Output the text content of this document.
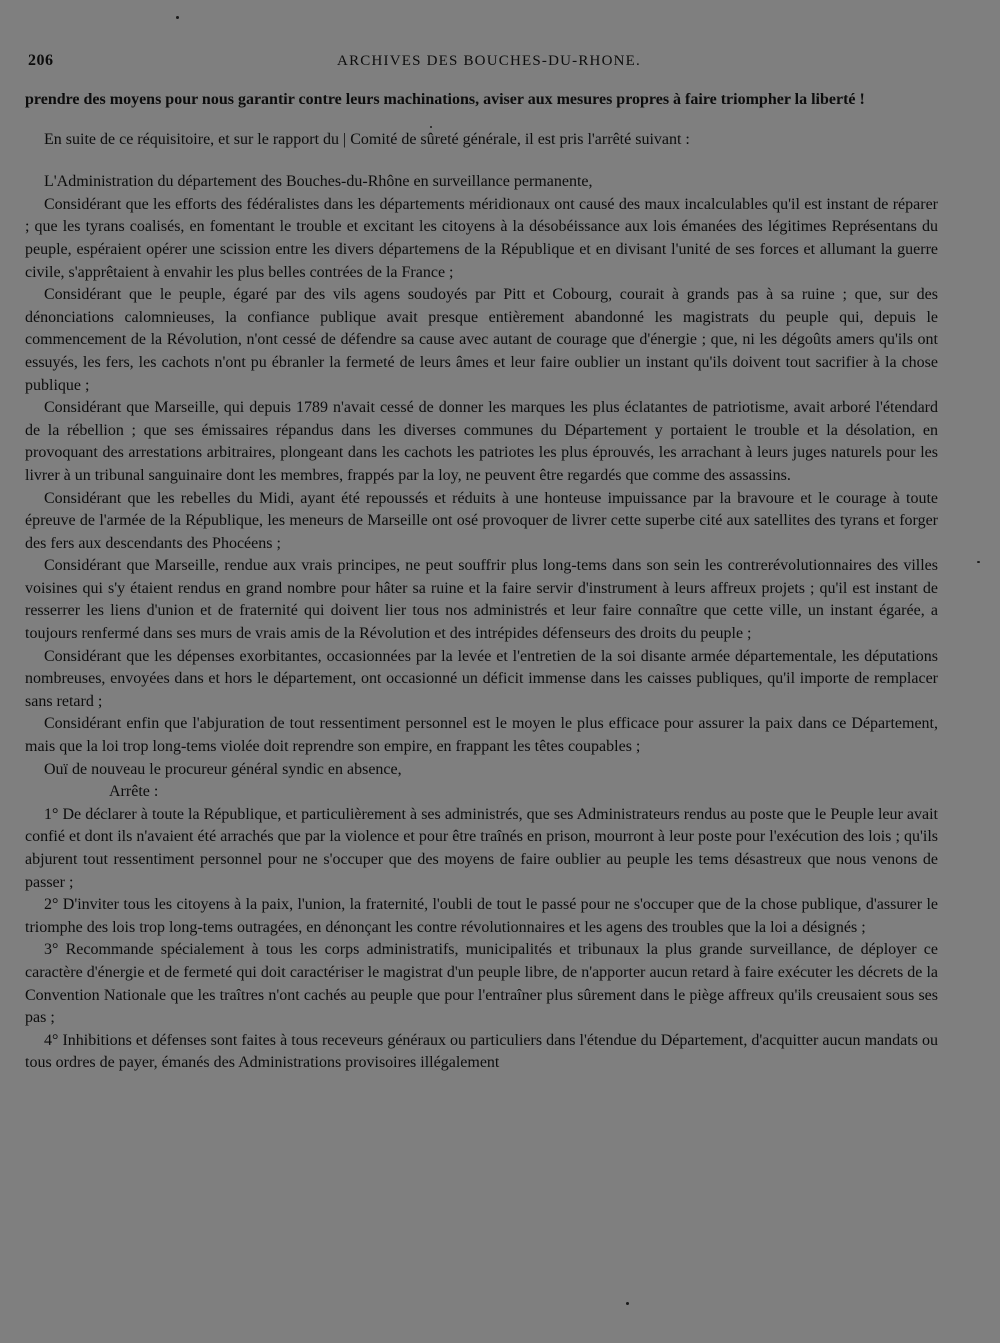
206	ARCHIVES DES BOUCHES-DU-RHONE.

prendre des moyens pour nous garantir contre leurs machinations, aviser aux mesures propres à faire triompher la liberté !

En suite de ce réquisitoire, et sur le rapport du | Comité de sûreté générale, il est pris l'arrêté suivant :

L'Administration du département des Bouches-du-Rhône en surveillance permanente,

Considérant que les efforts des fédéralistes dans les départements méridionaux ont causé des maux incalculables qu'il est instant de réparer ; que les tyrans coalisés, en fomentant le trouble et excitant les citoyens à la désobéissance aux lois émanées des légitimes Représentans du peuple, espéraient opérer une scission entre les divers départemens de la République et en divisant l'unité de ses forces et allumant la guerre civile, s'apprêtaient à envahir les plus belles contrées de la France ;

Considérant que le peuple, égaré par des vils agens soudoyés par Pitt et Cobourg, courait à grands pas à sa ruine ; que, sur des dénonciations calomnieuses, la confiance publique avait presque entièrement abandonné les magistrats du peuple qui, depuis le commencement de la Révolution, n'ont cessé de défendre sa cause avec autant de courage que d'énergie ; que, ni les dégoûts amers qu'ils ont essuyés, les fers, les cachots n'ont pu ébranler la fermeté de leurs âmes et leur faire oublier un instant qu'ils doivent tout sacrifier à la chose publique ;

Considérant que Marseille, qui depuis 1789 n'avait cessé de donner les marques les plus éclatantes de patriotisme, avait arboré l'étendard de la rébellion ; que ses émissaires répandus dans les diverses communes du Département y portaient le trouble et la désolation, en provoquant des arrestations arbitraires, plongeant dans les cachots les patriotes les plus éprouvés, les arrachant à leurs juges naturels pour les livrer à un tribunal sanguinaire dont les membres, frappés par la loy, ne peuvent être regardés que comme des assassins.

Considérant que les rebelles du Midi, ayant été repoussés et réduits à une honteuse impuissance par la bravoure et le courage à toute épreuve de l'armée de la République, les meneurs de Marseille ont osé provoquer de livrer cette superbe cité aux satellites des tyrans et forger des fers aux descendants des Phocéens ;

Considérant que Marseille, rendue aux vrais principes, ne peut souffrir plus long-tems dans son sein les contrerévolutionnaires des villes voisines qui s'y étaient rendus en grand nombre pour hâter sa ruine et la faire servir d'instrument à leurs affreux projets ; qu'il est instant de resserrer les liens d'union et de fraternité qui doivent lier tous nos administrés et leur faire connaître que cette ville, un instant égarée, a toujours renfermé dans ses murs de vrais amis de la Révolution et des intrépides défenseurs des droits du peuple ;

Considérant que les dépenses exorbitantes, occasionnées par la levée et l'entretien de la soi disante armée départementale, les députations nombreuses, envoyées dans et hors le département, ont occasionné un déficit immense dans les caisses publiques, qu'il importe de remplacer sans retard ;

Considérant enfin que l'abjuration de tout ressentiment personnel est le moyen le plus efficace pour assurer la paix dans ce Département, mais que la loi trop long-tems violée doit reprendre son empire, en frappant les têtes coupables ;

Ouï de nouveau le procureur général syndic en absence,

Arrête :

1° De déclarer à toute la République, et particulièrement à ses administrés, que ses Administrateurs rendus au poste que le Peuple leur avait confié et dont ils n'avaient été arrachés que par la violence et pour être traînés en prison, mourront à leur poste pour l'exécution des lois ; qu'ils abjurent tout ressentiment personnel pour ne s'occuper que des moyens de faire oublier au peuple les tems désastreux que nous venons de passer ;

2° D'inviter tous les citoyens à la paix, l'union, la fraternité, l'oubli de tout le passé pour ne s'occuper que de la chose publique, d'assurer le triomphe des lois trop long-tems outragées, en dénonçant les contre révolutionnaires et les agens des troubles que la loi a désignés ;

3° Recommande spécialement à tous les corps administratifs, municipalités et tribunaux la plus grande surveillance, de déployer ce caractère d'énergie et de fermeté qui doit caractériser le magistrat d'un peuple libre, de n'apporter aucun retard à faire exécuter les décrets de la Convention Nationale que les traîtres n'ont cachés au peuple que pour l'entraîner plus sûrement dans le piège affreux qu'ils creusaient sous ses pas ;

4° Inhibitions et défenses sont faites à tous receveurs généraux ou particuliers dans l'étendue du Département, d'acquitter aucun mandats ou tous ordres de payer, émanés des Administrations provisoires illégalement
